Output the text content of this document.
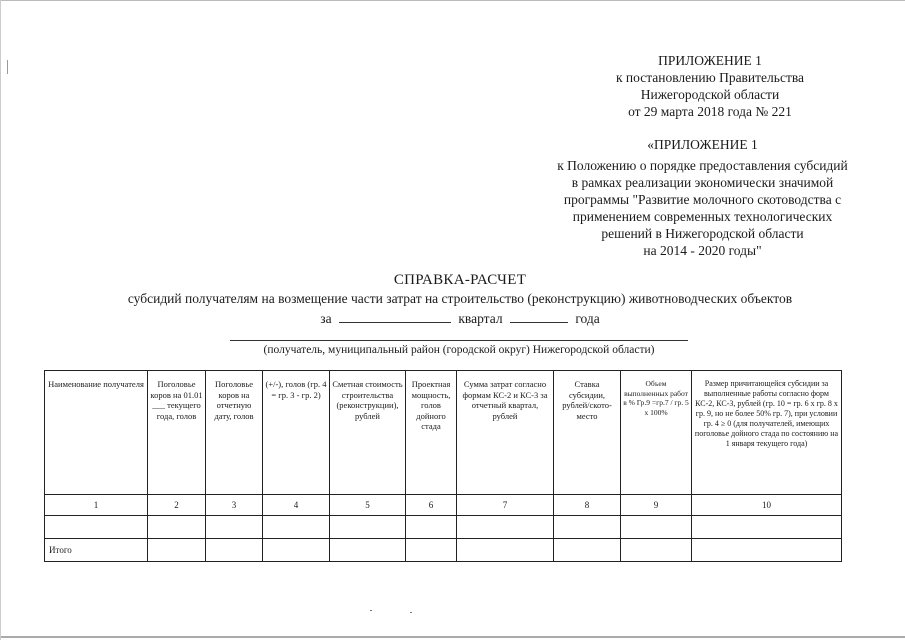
ПРИЛОЖЕНИЕ 1
к постановлению Правительства
Нижегородской области
от 29 марта 2018 года № 221
«ПРИЛОЖЕНИЕ 1
к Положению о порядке предоставления субсидий
в рамках реализации экономически значимой
программы "Развитие молочного скотоводства с
применением современных технологических
решений в Нижегородской области
на 2014 - 2020 годы"
СПРАВКА-РАСЧЕТ
субсидий получателям на возмещение части затрат на строительство (реконструкцию) животноводческих объектов
за	квартал	года
(получатель, муниципальный район (городской округ) Нижегородской области)
Наименование получателя	Поголовье коров на 01.01 ___ текущего года, голов	Поголовье коров на отчетную дату, голов	(+/-), голов (гр. 4 = гр. 3 - гр. 2)	Сметная стоимость строительства (реконструкции), рублей	Проектная мощность, голов дойного стада	Сумма затрат согласно формам КС-2 и КС-3 за отчетный квартал, рублей	Ставка субсидии, рублей/ското-место	Объем выполненных работ в % Гр.9 =гр.7 / гр. 5 х 100%	Размер причитающейся субсидии за выполненные работы согласно форм КС-2, КС-3, рублей (гр. 10 = гр. 6 х гр. 8 х гр. 9, но не более 50% гр. 7), при условии гр. 4 ≥ 0 (для получателей, имеющих поголовье дойного стада по состоянию на 1 января текущего года)
1	2	3	4	5	6	7	8	9	10

Итого									
